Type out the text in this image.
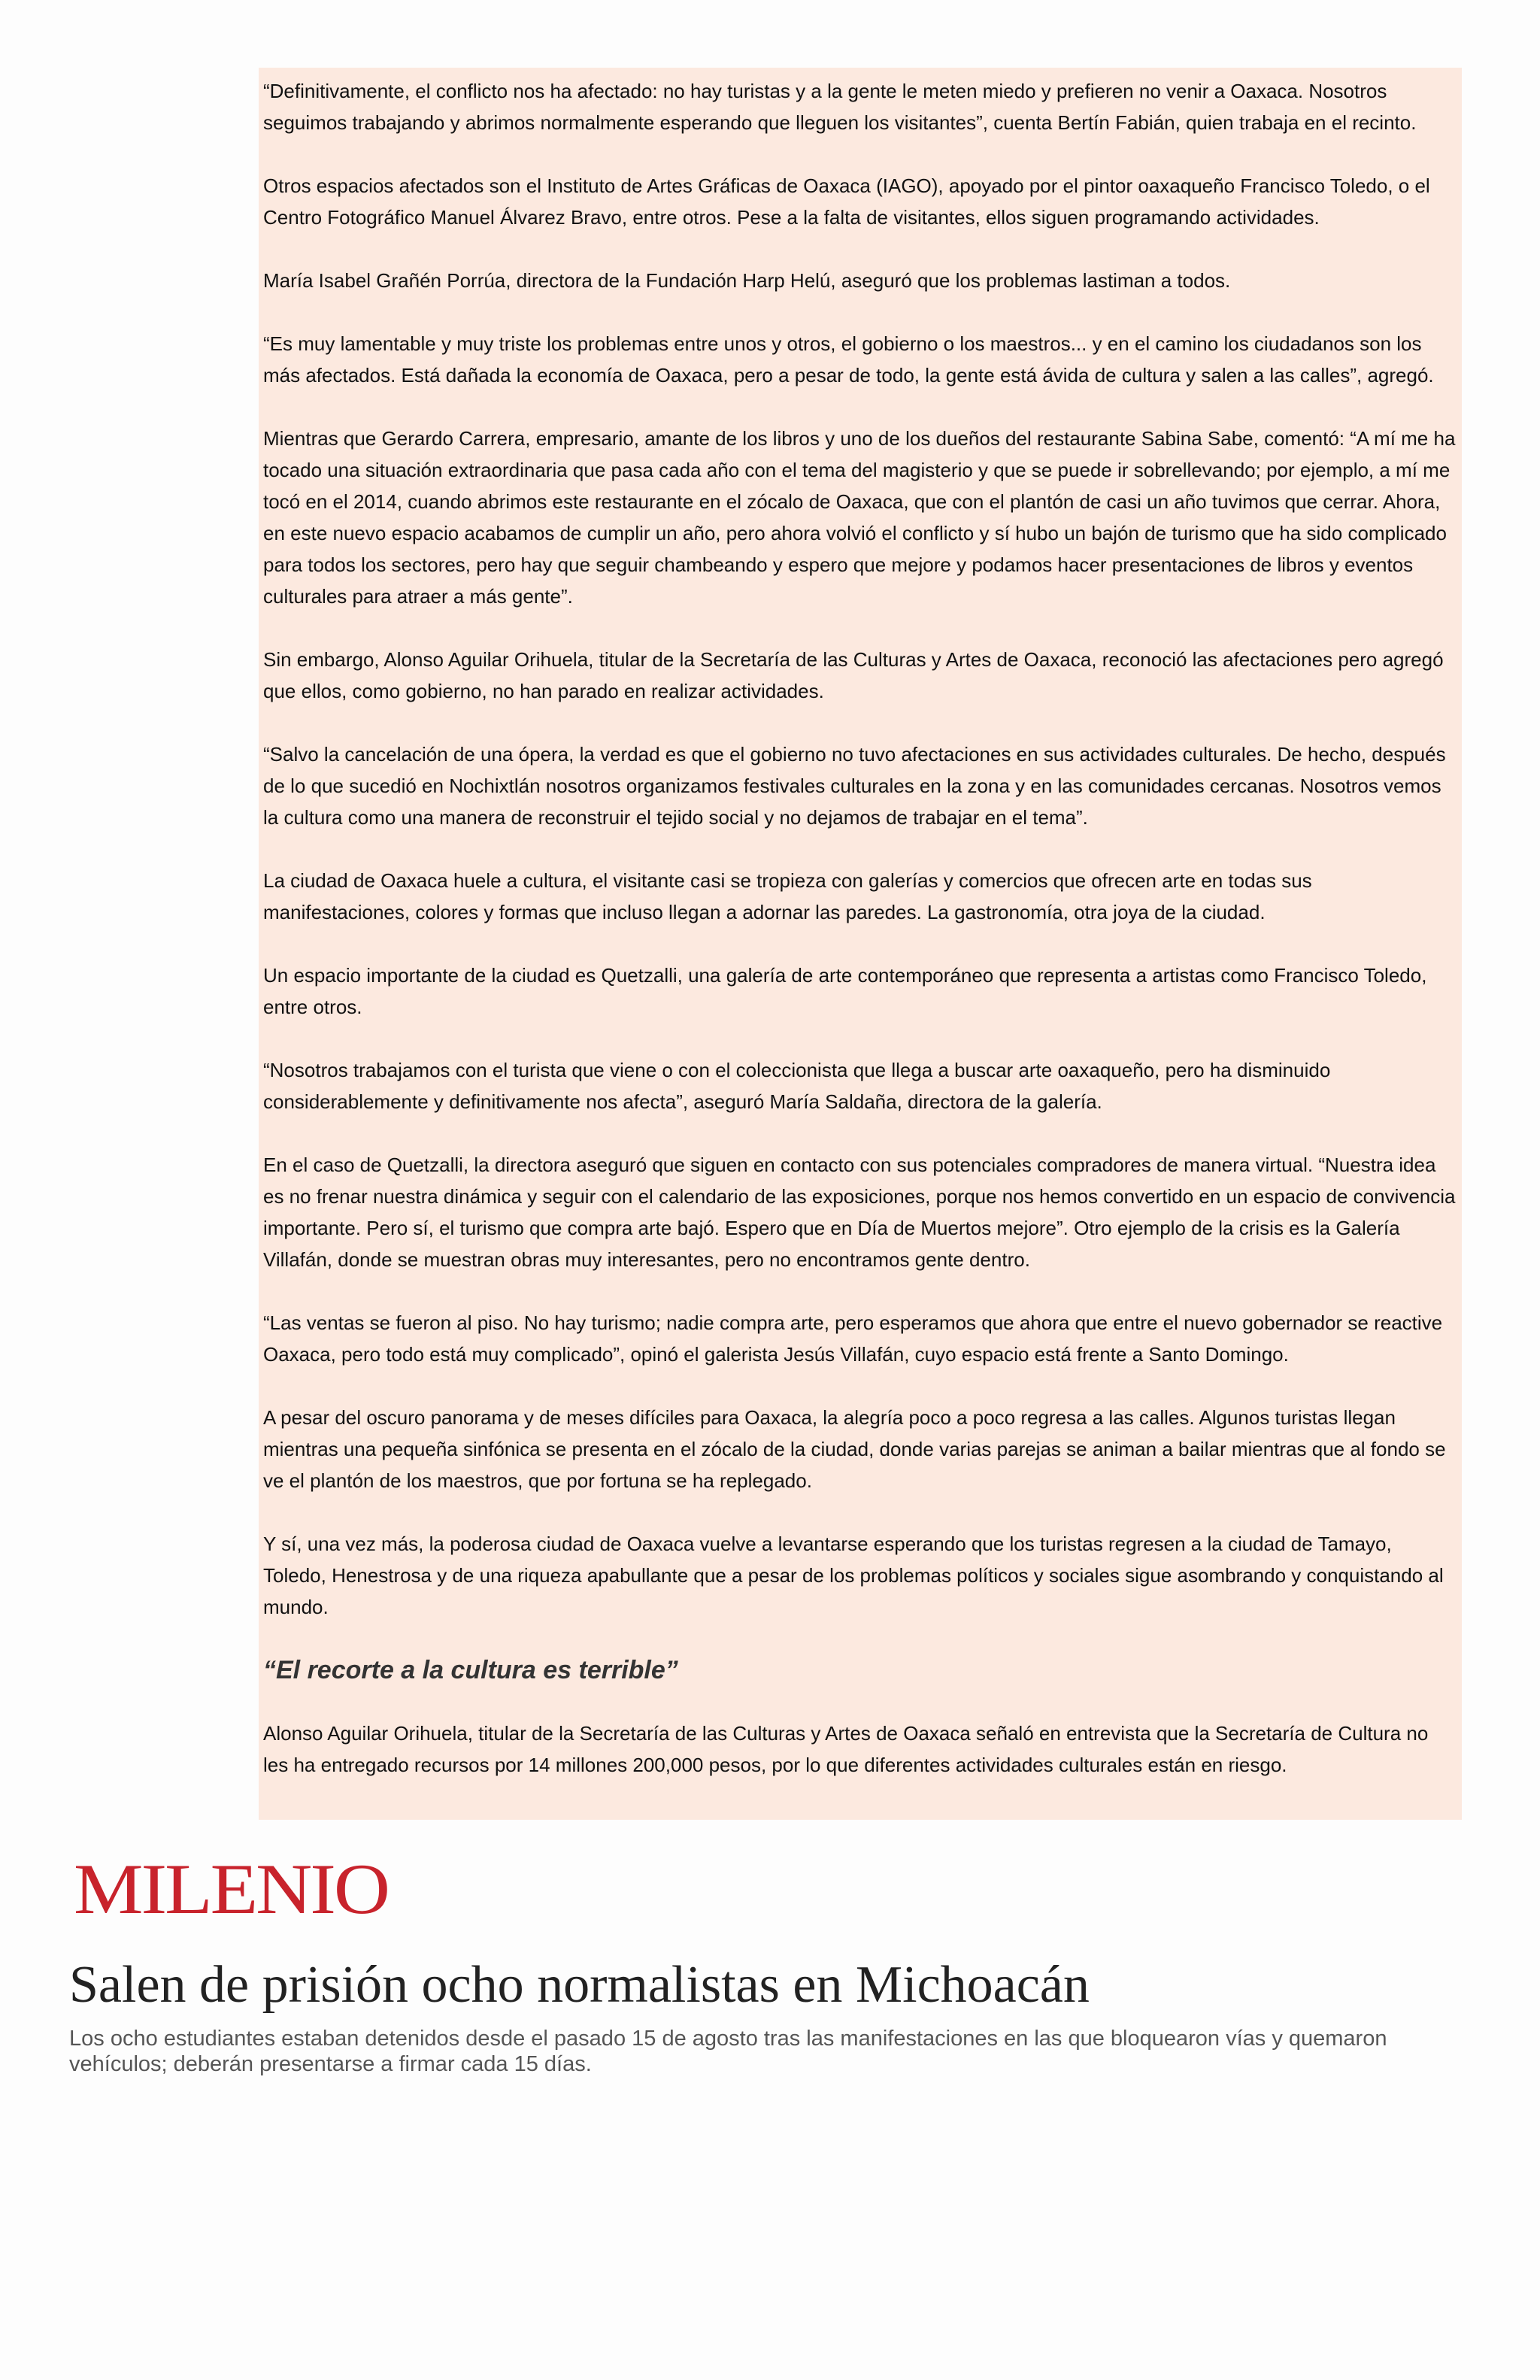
“Definitivamente, el conflicto nos ha afectado: no hay turistas y a la gente le meten miedo y prefieren no venir a Oaxaca. Nosotros seguimos trabajando y abrimos normalmente esperando que lleguen los visitantes”, cuenta Bertín Fabián, quien trabaja en el recinto.

Otros espacios afectados son el Instituto de Artes Gráficas de Oaxaca (IAGO), apoyado por el pintor oaxaqueño Francisco Toledo, o el Centro Fotográfico Manuel Álvarez Bravo, entre otros. Pese a la falta de visitantes, ellos siguen programando actividades.

María Isabel Grañén Porrúa, directora de la Fundación Harp Helú, aseguró que los problemas lastiman a todos.

“Es muy lamentable y muy triste los problemas entre unos y otros, el gobierno o los maestros... y en el camino los ciudadanos son los más afectados. Está dañada la economía de Oaxaca, pero a pesar de todo, la gente está ávida de cultura y salen a las calles”, agregó.

Mientras que Gerardo Carrera, empresario, amante de los libros y uno de los dueños del restaurante Sabina Sabe, comentó: “A mí me ha tocado una situación extraordinaria que pasa cada año con el tema del magisterio y que se puede ir sobrellevando; por ejemplo, a mí me tocó en el 2014, cuando abrimos este restaurante en el zócalo de Oaxaca, que con el plantón de casi un año tuvimos que cerrar. Ahora, en este nuevo espacio acabamos de cumplir un año, pero ahora volvió el conflicto y sí hubo un bajón de turismo que ha sido complicado para todos los sectores, pero hay que seguir chambeando y espero que mejore y podamos hacer presentaciones de libros y eventos culturales para atraer a más gente”.

Sin embargo, Alonso Aguilar Orihuela, titular de la Secretaría de las Culturas y Artes de Oaxaca, reconoció las afectaciones pero agregó que ellos, como gobierno, no han parado en realizar actividades.

“Salvo la cancelación de una ópera, la verdad es que el gobierno no tuvo afectaciones en sus actividades culturales. De hecho, después de lo que sucedió en Nochixtlán nosotros organizamos festivales culturales en la zona y en las comunidades cercanas. Nosotros vemos la cultura como una manera de reconstruir el tejido social y no dejamos de trabajar en el tema”.

La ciudad de Oaxaca huele a cultura, el visitante casi se tropieza con galerías y comercios que ofrecen arte en todas sus manifestaciones, colores y formas que incluso llegan a adornar las paredes. La gastronomía, otra joya de la ciudad.

Un espacio importante de la ciudad es Quetzalli, una galería de arte contemporáneo que representa a artistas como Francisco Toledo, entre otros.

“Nosotros trabajamos con el turista que viene o con el coleccionista que llega a buscar arte oaxaqueño, pero ha disminuido considerablemente y definitivamente nos afecta”, aseguró María Saldaña, directora de la galería.

En el caso de Quetzalli, la directora aseguró que siguen en contacto con sus potenciales compradores de manera virtual. “Nuestra idea es no frenar nuestra dinámica y seguir con el calendario de las exposiciones, porque nos hemos convertido en un espacio de convivencia importante. Pero sí, el turismo que compra arte bajó. Espero que en Día de Muertos mejore”. Otro ejemplo de la crisis es la Galería Villafán, donde se muestran obras muy interesantes, pero no encontramos gente dentro.

“Las ventas se fueron al piso. No hay turismo; nadie compra arte, pero esperamos que ahora que entre el nuevo gobernador se reactive Oaxaca, pero todo está muy complicado”, opinó el galerista Jesús Villafán, cuyo espacio está frente a Santo Domingo.

A pesar del oscuro panorama y de meses difíciles para Oaxaca, la alegría poco a poco regresa a las calles. Algunos turistas llegan mientras una pequeña sinfónica se presenta en el zócalo de la ciudad, donde varias parejas se animan a bailar mientras que al fondo se ve el plantón de los maestros, que por fortuna se ha replegado.

Y sí, una vez más, la poderosa ciudad de Oaxaca vuelve a levantarse esperando que los turistas regresen a la ciudad de Tamayo, Toledo, Henestrosa y de una riqueza apabullante que a pesar de los problemas políticos y sociales sigue asombrando y conquistando al mundo.

“El recorte a la cultura es terrible”

Alonso Aguilar Orihuela, titular de la Secretaría de las Culturas y Artes de Oaxaca señaló en entrevista que la Secretaría de Cultura no les ha entregado recursos por 14 millones 200,000 pesos, por lo que diferentes actividades culturales están en riesgo.

MILENIO
Salen de prisión ocho normalistas en Michoacán

Los ocho estudiantes estaban detenidos desde el pasado 15 de agosto tras las manifestaciones en las que bloquearon vías y quemaron vehículos; deberán presentarse a firmar cada 15 días.
